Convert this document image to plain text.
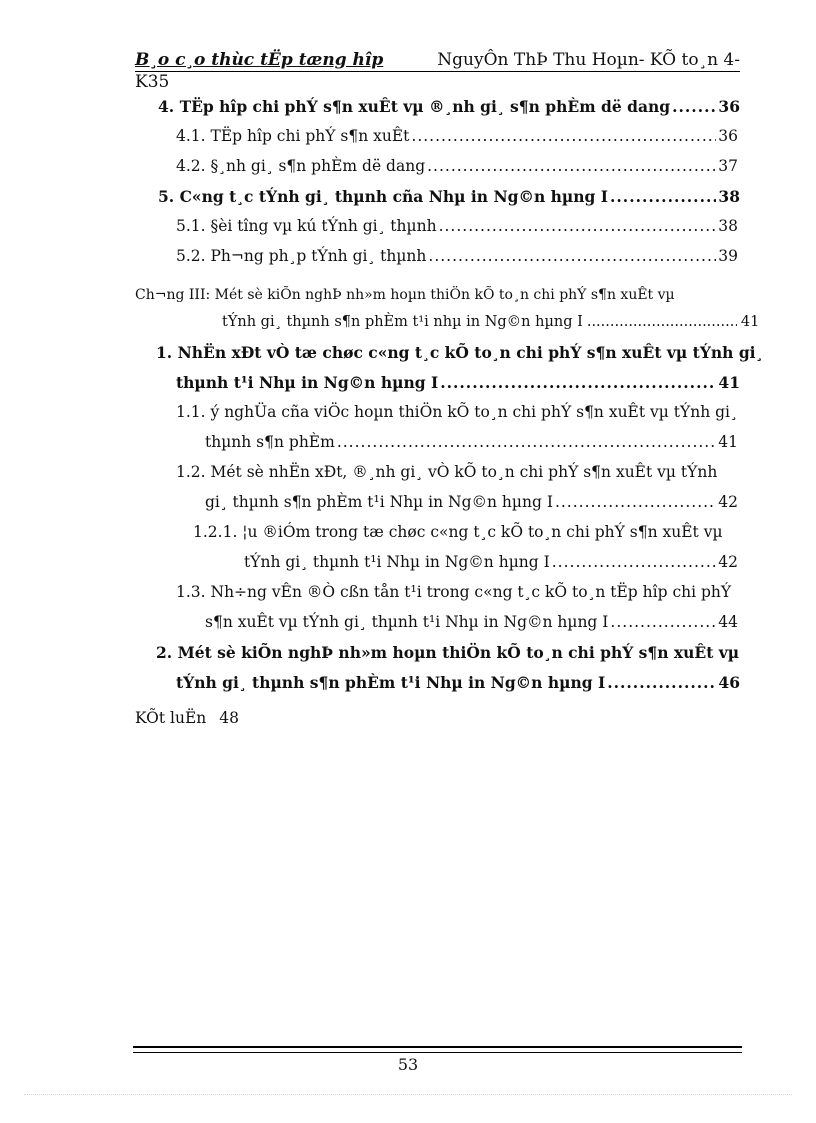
B¸o c¸o thùc tËp tæng hîp	NguyÔn ThÞ Thu Hoµn- KÕ to¸n 4-
K35
4. TËp hîp chi phÝ s¶n xuÊt vµ ®¸nh gi¸ s¶n phÈm dë dang .....	36
4.1. TËp hîp chi phÝ s¶n xuÊt .....	36
4.2. §¸nh gi¸ s¶n phÈm dë dang .....	37
5. C«ng t¸c tÝnh gi¸ thµnh cña Nhµ in Ng©n hµng I .....	38
5.1. §èi tîng vµ kú tÝnh gi¸ thµnh .....	38
5.2. Ph¬ng ph¸p tÝnh gi¸ thµnh .....	39
Ch¬ng III: Mét sè kiÕn nghÞ nh»m hoµn thiÖn kÕ to¸n chi phÝ s¶n xuÊt vµ
tÝnh gi¸ thµnh s¶n phÈm t¹i nhµ in Ng©n hµng I .....	41
1. NhËn xÐt vÒ tæ chøc c«ng t¸c kÕ to¸n chi phÝ s¶n xuÊt vµ tÝnh gi¸
thµnh t¹i Nhµ in Ng©n hµng I .....	41
1.1. ý nghÜa cña viÖc hoµn thiÖn kÕ to¸n chi phÝ s¶n xuÊt vµ tÝnh gi¸
thµnh s¶n phÈm .....	41
1.2. Mét sè nhËn xÐt, ®¸nh gi¸ vÒ kÕ to¸n chi phÝ s¶n xuÊt vµ tÝnh
gi¸ thµnh s¶n phÈm t¹i Nhµ in Ng©n hµng I .....	42
1.2.1. ¦u ®iÓm trong tæ chøc c«ng t¸c kÕ to¸n chi phÝ s¶n xuÊt vµ
tÝnh gi¸ thµnh t¹i Nhµ in Ng©n hµng I .....	42
1.3. Nh÷ng vÊn ®Ò cßn tån t¹i trong c«ng t¸c kÕ to¸n tËp hîp chi phÝ
s¶n xuÊt vµ tÝnh gi¸ thµnh t¹i Nhµ in Ng©n hµng I .....	44
2. Mét sè kiÕn nghÞ nh»m hoµn thiÖn kÕ to¸n chi phÝ s¶n xuÊt vµ
tÝnh gi¸ thµnh s¶n phÈm t¹i Nhµ in Ng©n hµng I .....	46
KÕt luËn 48
53
